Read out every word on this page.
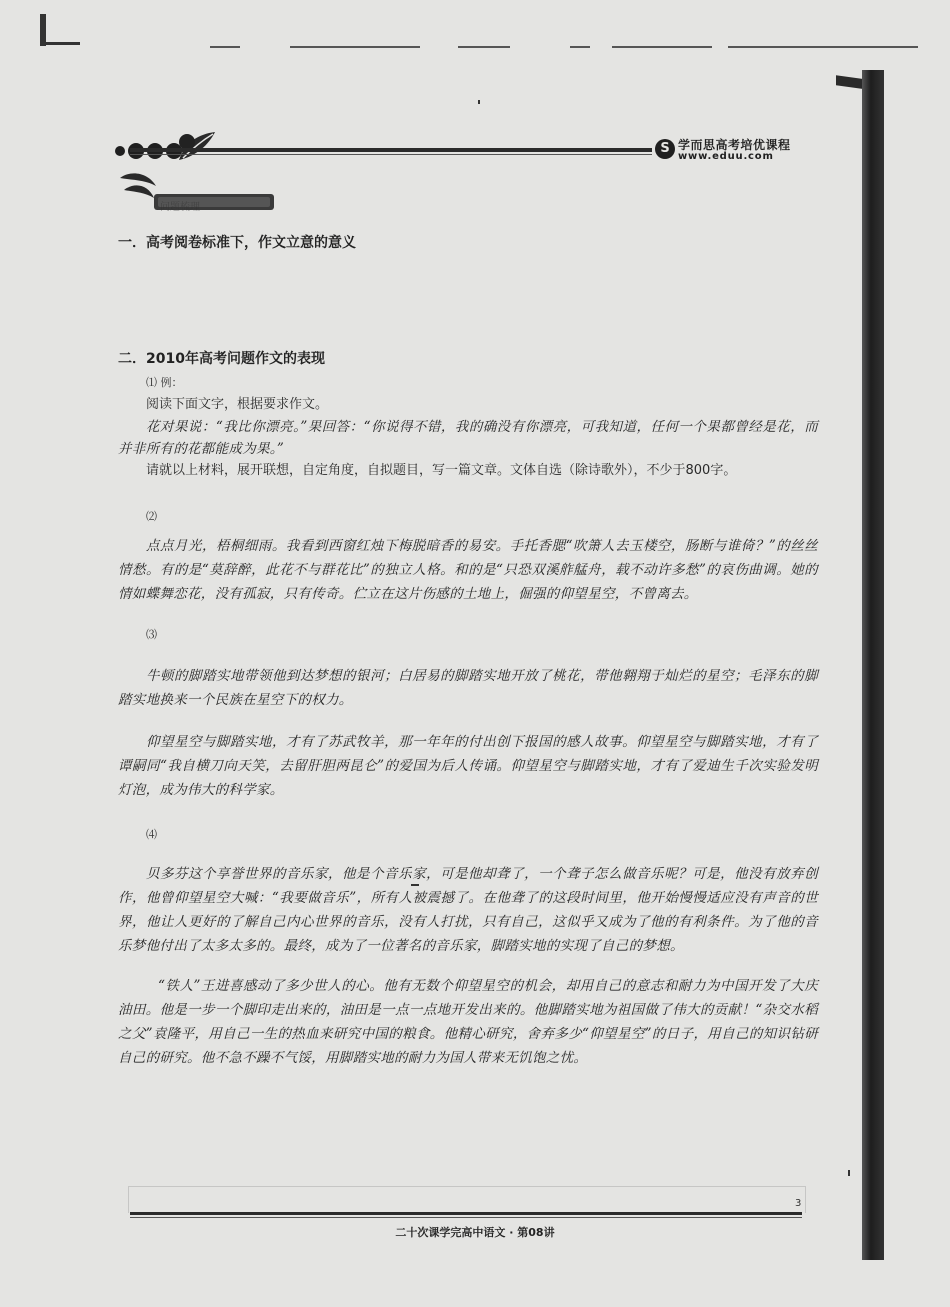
S 学而思高考培优课程
www.eduu.com
问题梳理

一．高考阅卷标准下，作文立意的意义

二．2010年高考问题作文的表现

⑴ 例：

阅读下面文字，根据要求作文。

花对果说：“我比你漂亮。”果回答：“你说得不错，我的确没有你漂亮，可我知道，任何一个果都曾经是花，而并非所有的花都能成为果。”

请就以上材料，展开联想，自定角度，自拟题目，写一篇文章。文体自选（除诗歌外），不少于800字。

⑵

点点月光，梧桐细雨。我看到西窗红烛下梅脱暗香的易安。手托香腮“吹箫人去玉楼空，肠断与谁倚？”的丝丝情愁。有的是“莫辞醉，此花不与群花比”的独立人格。和的是“只恐双溪舴艋舟，载不动许多愁”的哀伤曲调。她的情如蝶舞恋花，没有孤寂，只有传奇。伫立在这片伤感的土地上，倔强的仰望星空，不曾离去。

⑶

牛顿的脚踏实地带领他到达梦想的银河；白居易的脚踏实地开放了桃花，带他翱翔于灿烂的星空；毛泽东的脚踏实地换来一个民族在星空下的权力。

仰望星空与脚踏实地，才有了苏武牧羊，那一年年的付出创下报国的感人故事。仰望星空与脚踏实地，才有了谭嗣同“我自横刀向天笑，去留肝胆两昆仑”的爱国为后人传诵。仰望星空与脚踏实地，才有了爱迪生千次实验发明灯泡，成为伟大的科学家。

⑷

贝多芬这个享誉世界的音乐家，他是个音乐家，可是他却聋了，一个聋子怎么做音乐呢？可是，他没有放弃创作，他曾仰望星空大喊：“我要做音乐”，所有人被震撼了。在他聋了的这段时间里，他开始慢慢适应没有声音的世界，他让人更好的了解自己内心世界的音乐，没有人打扰，只有自己，这似乎又成为了他的有利条件。为了他的音乐梦他付出了太多太多的。最终，成为了一位著名的音乐家，脚踏实地的实现了自己的梦想。

“铁人”王进喜感动了多少世人的心。他有无数个仰望星空的机会，却用自己的意志和耐力为中国开发了大庆油田。他是一步一个脚印走出来的，油田是一点一点地开发出来的。他脚踏实地为祖国做了伟大的贡献！“杂交水稻之父”袁隆平，用自己一生的热血来研究中国的粮食。他精心研究，舍弃多少“仰望星空”的日子，用自己的知识钻研自己的研究。他不急不躁不气馁，用脚踏实地的耐力为国人带来无饥饱之忧。

3
二十次课学完高中语文 · 第08讲
